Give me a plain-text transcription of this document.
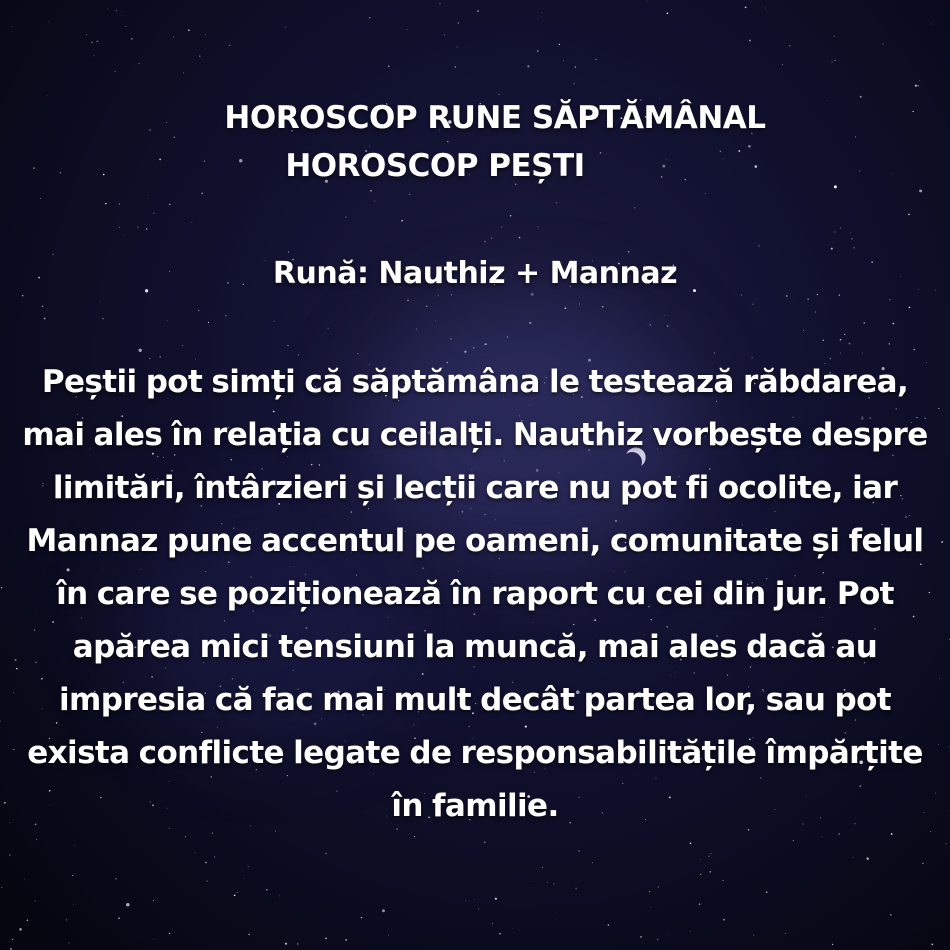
HOROSCOP RUNE SĂPTĂMÂNAL
HOROSCOP PEȘTI
Rună: Nauthiz + Mannaz
Peștii pot simți că săptămâna le testează răbdarea, mai ales în relația cu ceilalți. Nauthiz vorbește despre limitări, întârzieri și lecții care nu pot fi ocolite, iar Mannaz pune accentul pe oameni, comunitate și felul în care se poziționează în raport cu cei din jur. Pot apărea mici tensiuni la muncă, mai ales dacă au impresia că fac mai mult decât partea lor, sau pot exista conflicte legate de responsabilitățile împărțite în familie.
